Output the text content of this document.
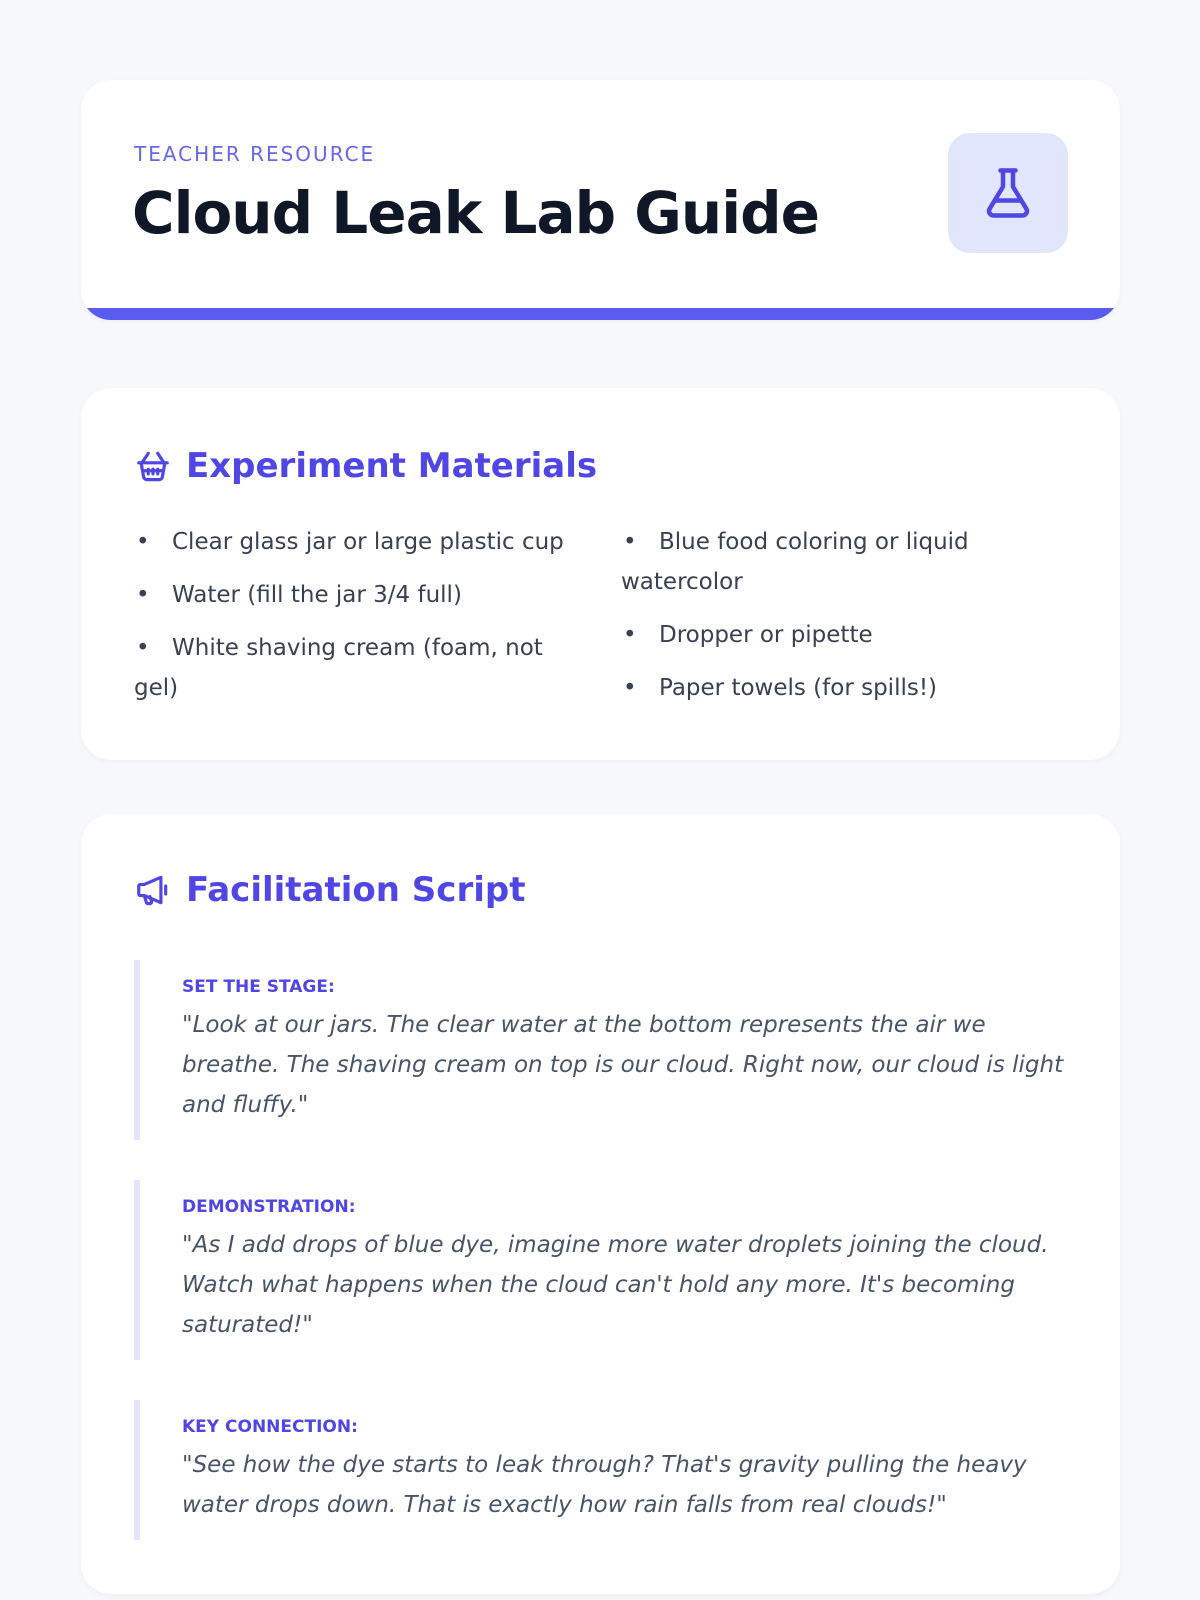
TEACHER RESOURCE
Cloud Leak Lab Guide
Experiment Materials
• Clear glass jar or large plastic cup
• Water (fill the jar 3/4 full)
• White shaving cream (foam, not gel)
• Blue food coloring or liquid watercolor
• Dropper or pipette
• Paper towels (for spills!)
Facilitation Script
SET THE STAGE:
"Look at our jars. The clear water at the bottom represents the air we breathe. The shaving cream on top is our cloud. Right now, our cloud is light and fluffy."
DEMONSTRATION:
"As I add drops of blue dye, imagine more water droplets joining the cloud. Watch what happens when the cloud can't hold any more. It's becoming saturated!"
KEY CONNECTION:
"See how the dye starts to leak through? That's gravity pulling the heavy water drops down. That is exactly how rain falls from real clouds!"
